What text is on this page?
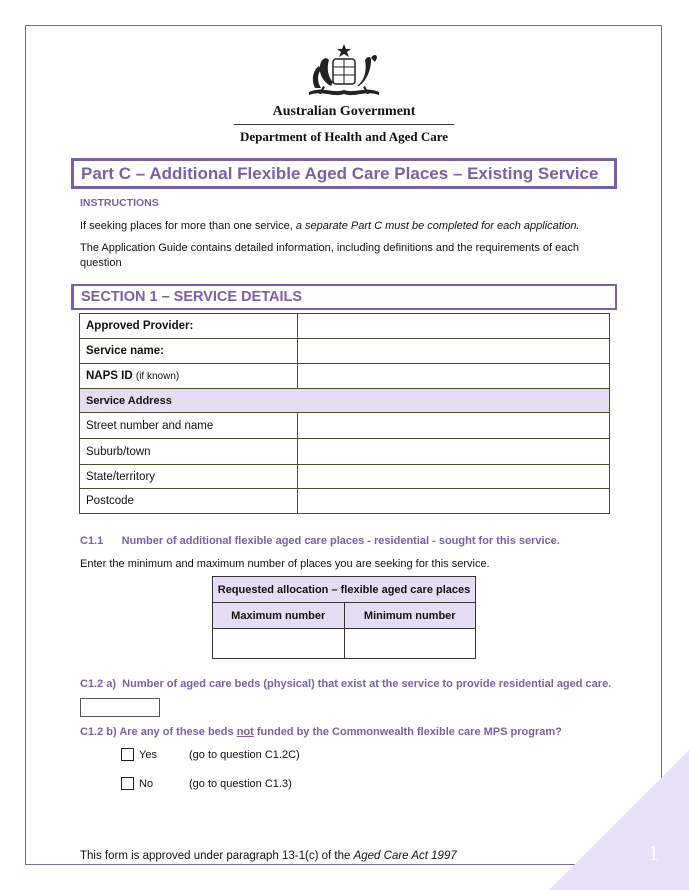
1
Australian Government
Department of Health and Aged Care
Part C – Additional Flexible Aged Care Places – Existing Service
INSTRUCTIONS
If seeking places for more than one service, a separate Part C must be completed for each application.
The Application Guide contains detailed information, including definitions and the requirements of each question
SECTION 1 – SERVICE DETAILS
Approved Provider:	
Service name:	
NAPS ID (if known)	
Service Address	
Street number and name	
Suburb/town	
State/territory	
Postcode	
C1.1      Number of additional flexible aged care places - residential - sought for this service.
Enter the minimum and maximum number of places you are seeking for this service.
Requested allocation – flexible aged care places	
Maximum number	Minimum number

C1.2 a)  Number of aged care beds (physical) that exist at the service to provide residential aged care.
C1.2 b) Are any of these beds not funded by the Commonwealth flexible care MPS program?
Yes	(go to question C1.2C)
No	(go to question C1.3)
This form is approved under paragraph 13-1(c) of the Aged Care Act 1997
